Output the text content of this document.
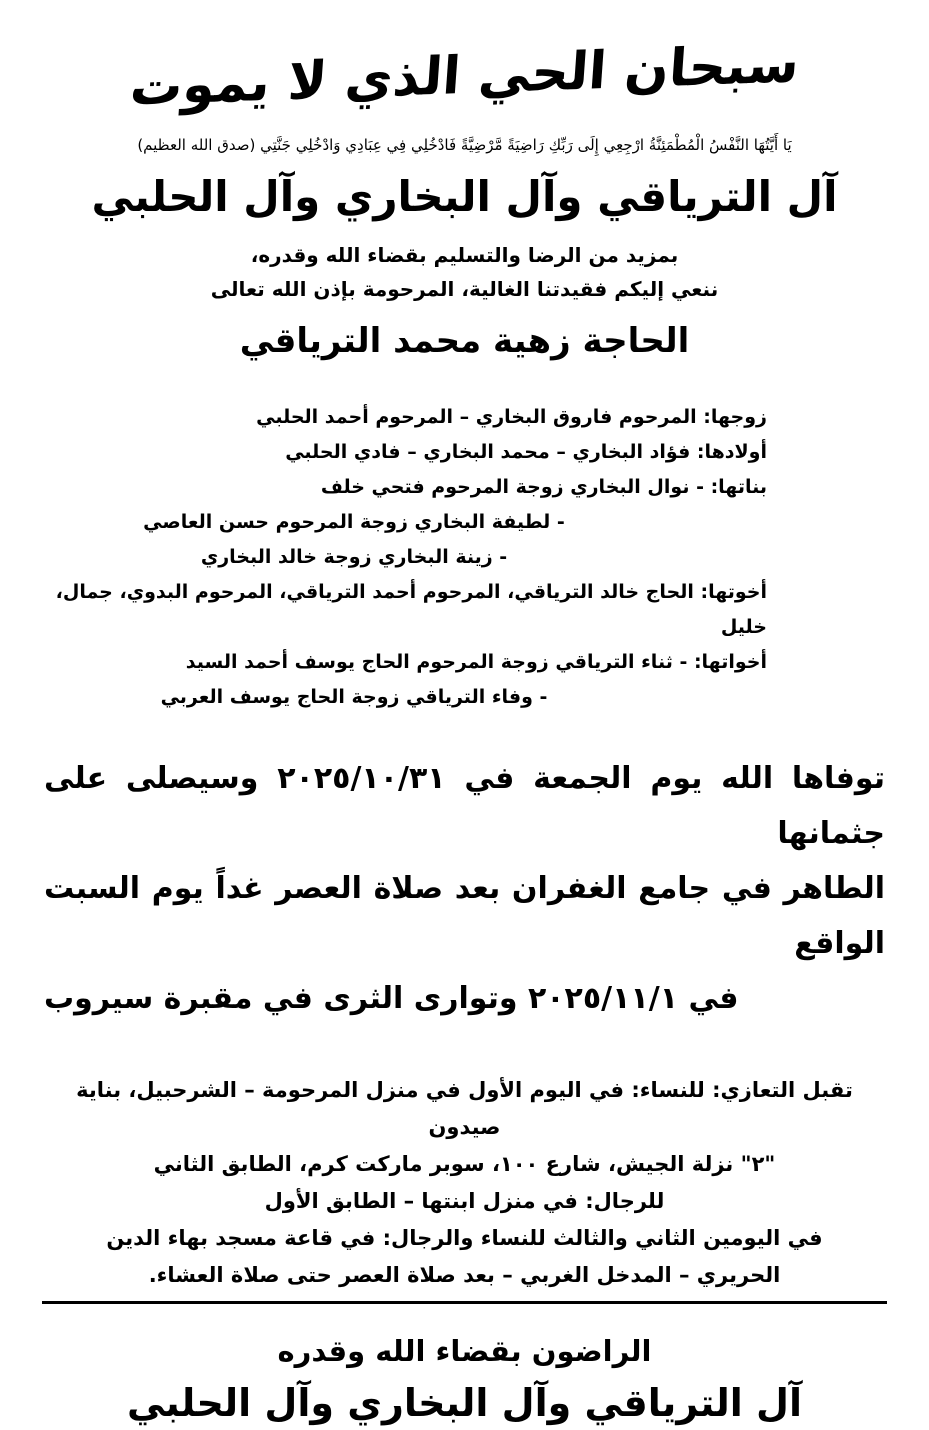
سبحان الحي الذي لا يموت
يَا أَيَّتُهَا النَّفْسُ الْمُطْمَئِنَّةُ ارْجِعِي إِلَى رَبِّكِ رَاضِيَةً مَّرْضِيَّةً فَادْخُلِي فِي عِبَادِي وَادْخُلِي جَنَّتِي (صدق الله العظيم)
آل الترياقي وآل البخاري وآل الحلبي
بمزيد من الرضا والتسليم بقضاء الله وقدره،
ننعي إليكم فقيدتنا الغالية، المرحومة بإذن الله تعالى
الحاجة زهية محمد الترياقي
زوجها: المرحوم فاروق البخاري – المرحوم أحمد الحلبي
أولادها: فؤاد البخاري – محمد البخاري – فادي الحلبي
بناتها: - نوال البخاري زوجة المرحوم فتحي خلف
- لطيفة البخاري زوجة المرحوم حسن العاصي
- زينة البخاري زوجة خالد البخاري
أخوتها: الحاج خالد الترياقي، المرحوم أحمد الترياقي، المرحوم البدوي، جمال، خليل
أخواتها: - ثناء الترياقي زوجة المرحوم الحاج يوسف أحمد السيد
- وفاء الترياقي زوجة الحاج يوسف العربي
توفاها الله يوم الجمعة في ٢٠٢٥/١٠/٣١ وسيصلى على جثمانها
الطاهر في جامع الغفران بعد صلاة العصر غداً يوم السبت الواقع
في ٢٠٢٥/١١/١ وتوارى الثرى في مقبرة سيروب
تقبل التعازي: للنساء: في اليوم الأول في منزل المرحومة – الشرحبيل، بناية صيدون
"٢" نزلة الجيش، شارع ١٠٠، سوبر ماركت كرم، الطابق الثاني
للرجال: في منزل ابنتها – الطابق الأول
في اليومين الثاني والثالث للنساء والرجال: في قاعة مسجد بهاء الدين
الحريري – المدخل الغربي – بعد صلاة العصر حتى صلاة العشاء.
الراضون بقضاء الله وقدره
آل الترياقي وآل البخاري وآل الحلبي
